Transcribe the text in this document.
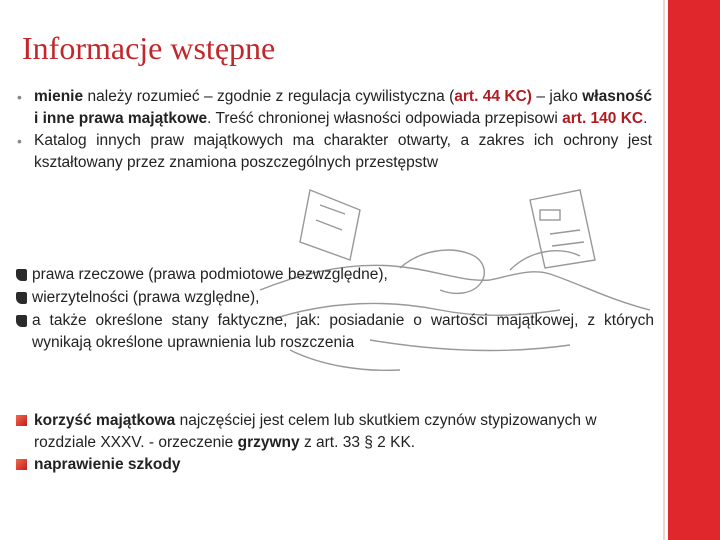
Informacje wstępne

• mienie należy rozumieć – zgodnie z regulacja cywilistyczna (art. 44 KC) – jako własność i inne prawa majątkowe. Treść chronionej własności odpowiada przepisowi art. 140 KC.

• Katalog innych praw majątkowych ma charakter otwarty, a zakres ich ochrony jest kształtowany przez znamiona poszczególnych przestępstw

prawa rzeczowe (prawa podmiotowe bezwzględne),

wierzytelności (prawa względne),

a także określone stany faktyczne, jak: posiadanie o wartości majątkowej, z których wynikają określone uprawnienia lub roszczenia

korzyść majątkowa najczęściej jest celem lub skutkiem czynów stypizowanych w rozdziale XXXV. - orzeczenie grzywny z art. 33 § 2 KK.

naprawienie szkody
